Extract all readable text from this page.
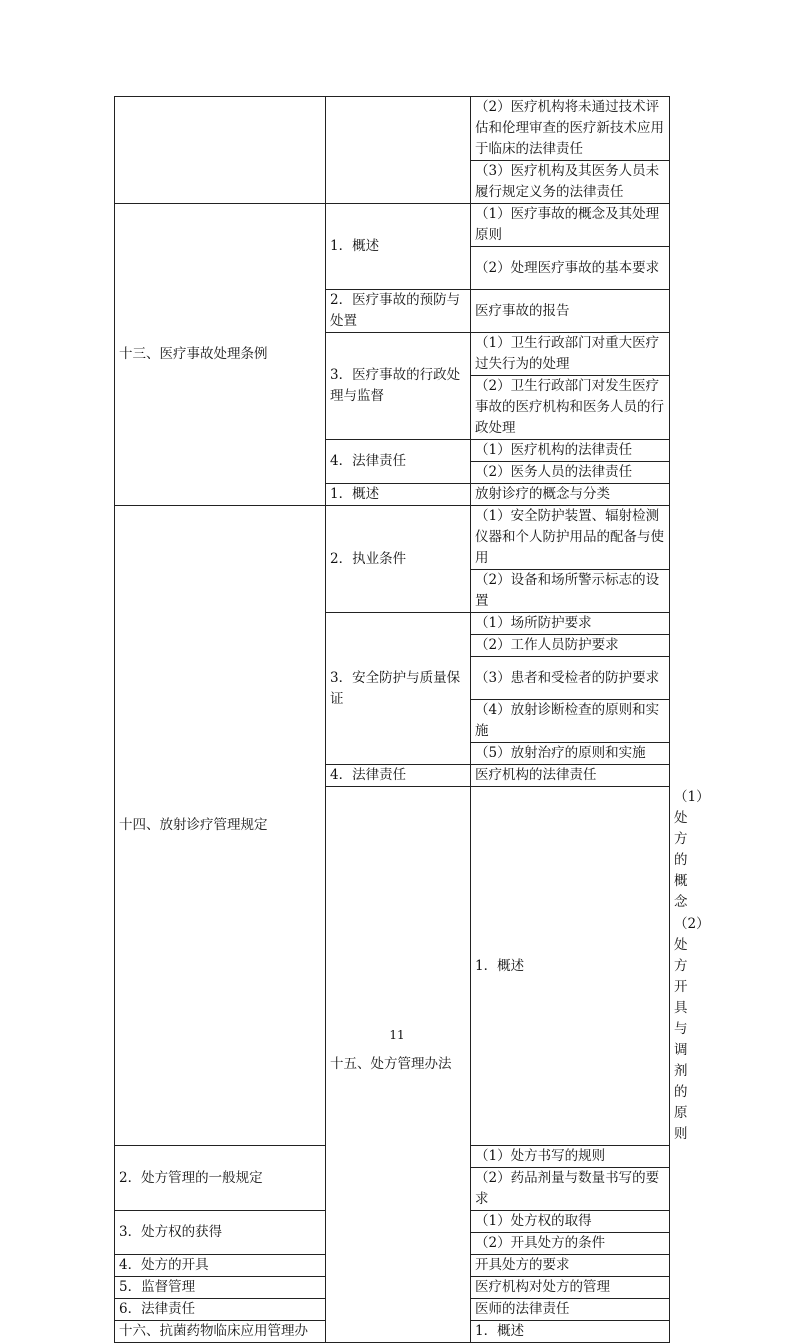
		（2）医疗机构将未通过技术评估和伦理审查的医疗新技术应用于临床的法律责任	
		（3）医疗机构及其医务人员未履行规定义务的法律责任	
十三、医疗事故处理条例	1．概述	（1）医疗事故的概念及其处理原则	
		（2）处理医疗事故的基本要求	
	2．医疗事故的预防与处置	医疗事故的报告	
	3．医疗事故的行政处理与监督	（1）卫生行政部门对重大医疗过失行为的处理	
		（2）卫生行政部门对发生医疗事故的医疗机构和医务人员的行政处理	
	4．法律责任	（1）医疗机构的法律责任	
		（2）医务人员的法律责任	
	1．概述	放射诊疗的概念与分类	
十四、放射诊疗管理规定	2．执业条件	（1）安全防护装置、辐射检测仪器和个人防护用品的配备与使用	
		（2）设备和场所警示标志的设置	
	3．安全防护与质量保证	（1）场所防护要求	
		（2）工作人员防护要求	
		（3）患者和受检者的防护要求	
		（4）放射诊断检查的原则和实施	
		（5）放射治疗的原则和实施	
	4．法律责任	医疗机构的法律责任	
	十五、处方管理办法	1．概述	（1）处方的概念
			（2）处方开具与调剂的原则
2．处方管理的一般规定		（1）处方书写的规则	
		（2）药品剂量与数量书写的要求	
3．处方权的获得		（1）处方权的取得	
		（2）开具处方的条件	
4．处方的开具		开具处方的要求	
5．监督管理		医疗机构对处方的管理	
6．法律责任		医师的法律责任	
十六、抗菌药物临床应用管理办		1．概述	
11
